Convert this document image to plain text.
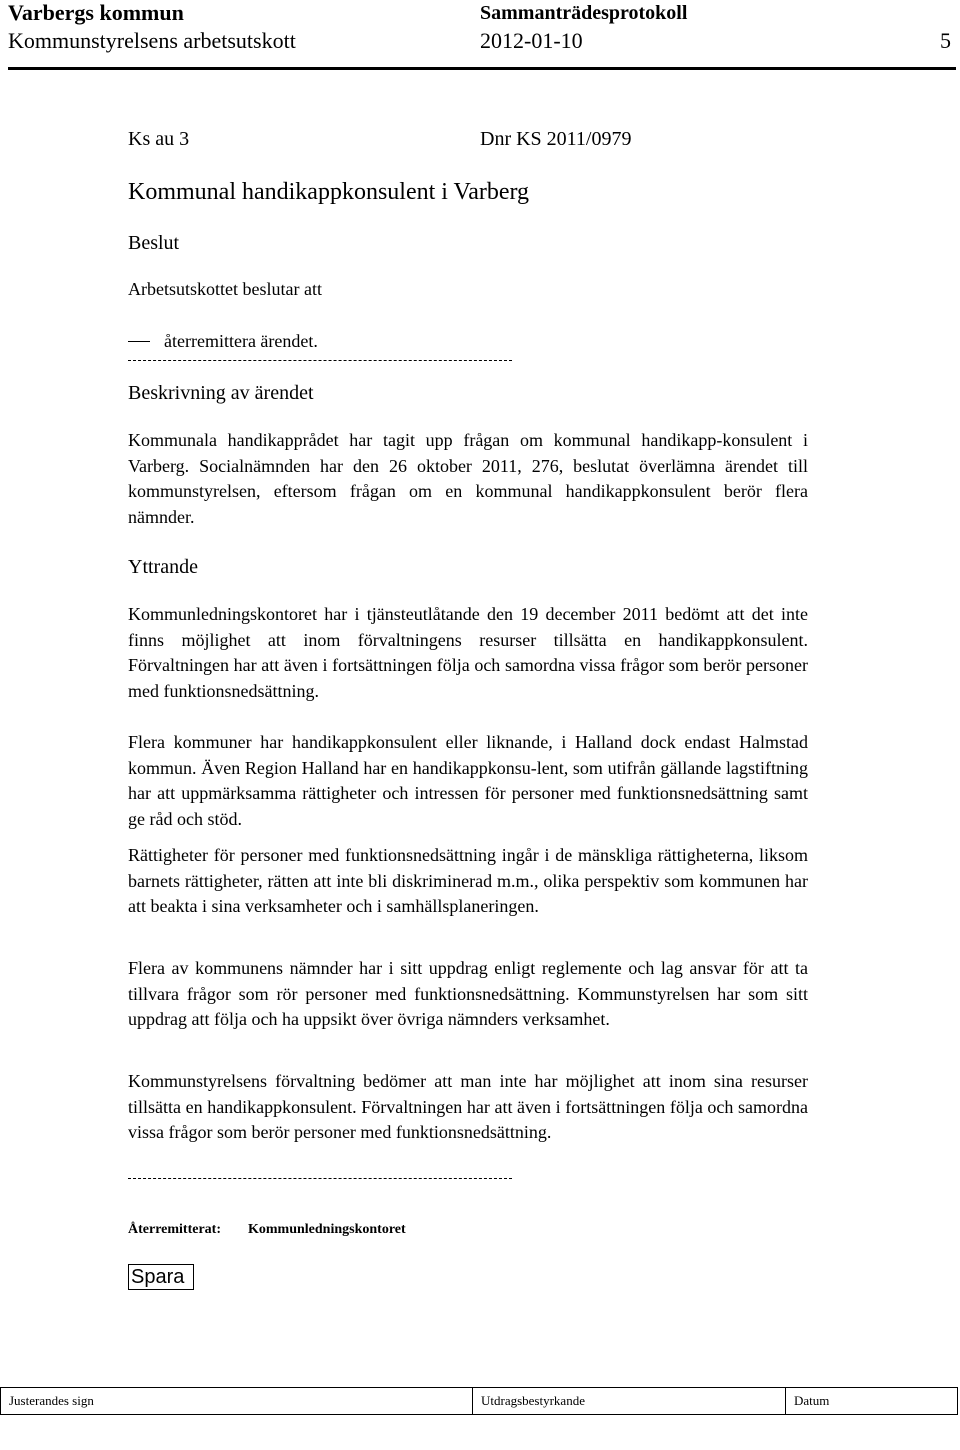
Varbergs kommun	Sammanträdesprotokoll
Kommunstyrelsens arbetsutskott	2012-01-10	5
Ks au 3	Dnr KS 2011/0979
Kommunal handikappkonsulent i Varberg
Beslut
Arbetsutskottet beslutar att
återremittera ärendet.
Beskrivning av ärendet
Kommunala handikapprådet har tagit upp frågan om kommunal handikapp-konsulent i Varberg. Socialnämnden har den 26 oktober 2011, 276, beslutat överlämna ärendet till kommunstyrelsen, eftersom frågan om en kommunal handikappkonsulent berör flera nämnder.
Yttrande
Kommunledningskontoret har i tjänsteutlåtande den 19 december 2011 bedömt att det inte finns möjlighet att inom förvaltningens resurser tillsätta en handikappkonsulent. Förvaltningen har att även i fortsättningen följa och samordna vissa frågor som berör personer med funktionsnedsättning.
Flera kommuner har handikappkonsulent eller liknande, i Halland dock endast Halmstad kommun. Även Region Halland har en handikappkonsu-lent, som utifrån gällande lagstiftning har att uppmärksamma rättigheter och intressen för personer med funktionsnedsättning samt ge råd och stöd.
Rättigheter för personer med funktionsnedsättning ingår i de mänskliga rättigheterna, liksom barnets rättigheter, rätten att inte bli diskriminerad m.m., olika perspektiv som kommunen har att beakta i sina verksamheter och i samhällsplaneringen.
Flera av kommunens nämnder har i sitt uppdrag enligt reglemente och lag ansvar för att ta tillvara frågor som rör personer med funktionsnedsättning. Kommunstyrelsen har som sitt uppdrag att följa och ha uppsikt över övriga nämnders verksamhet.
Kommunstyrelsens förvaltning bedömer att man inte har möjlighet att inom sina resurser tillsätta en handikappkonsulent. Förvaltningen har att även i fortsättningen följa och samordna vissa frågor som berör personer med funktionsnedsättning.
Återremitterat: Kommunledningskontoret
Spara
Justerandes sign	Utdragsbestyrkande	Datum
